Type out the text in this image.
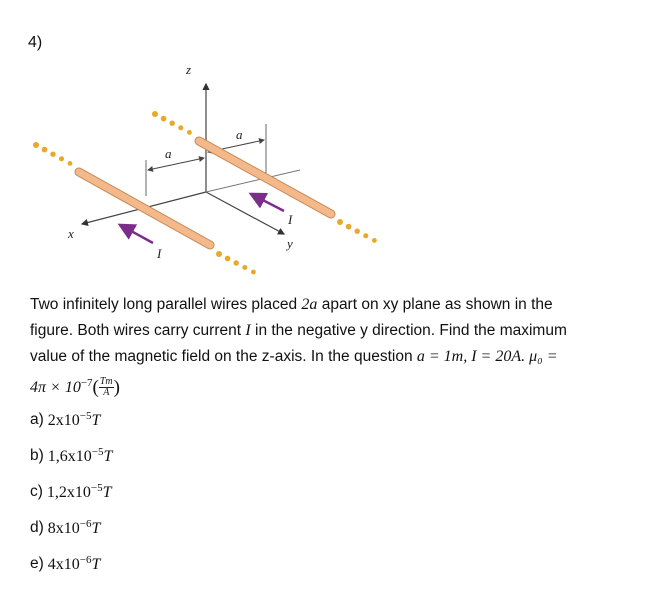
4)
z
x
y
a
a
I
I
Two infinitely long parallel wires placed 2a apart on xy plane as shown in the
figure. Both wires carry current I in the negative y direction. Find the maximum
value of the magnetic field on the z-axis. In the question a = 1m, I = 20A. μ₀ =
$4\pi \times 10^{-7}( \frac{Tm}{A}$ )
a) $2x10^{-5}T$
b) $1,6x10^{-5}T$
c) $1,2x10^{-5}T$
d) $8x10^{-6}T$
e) $4x10^{-6}T$
